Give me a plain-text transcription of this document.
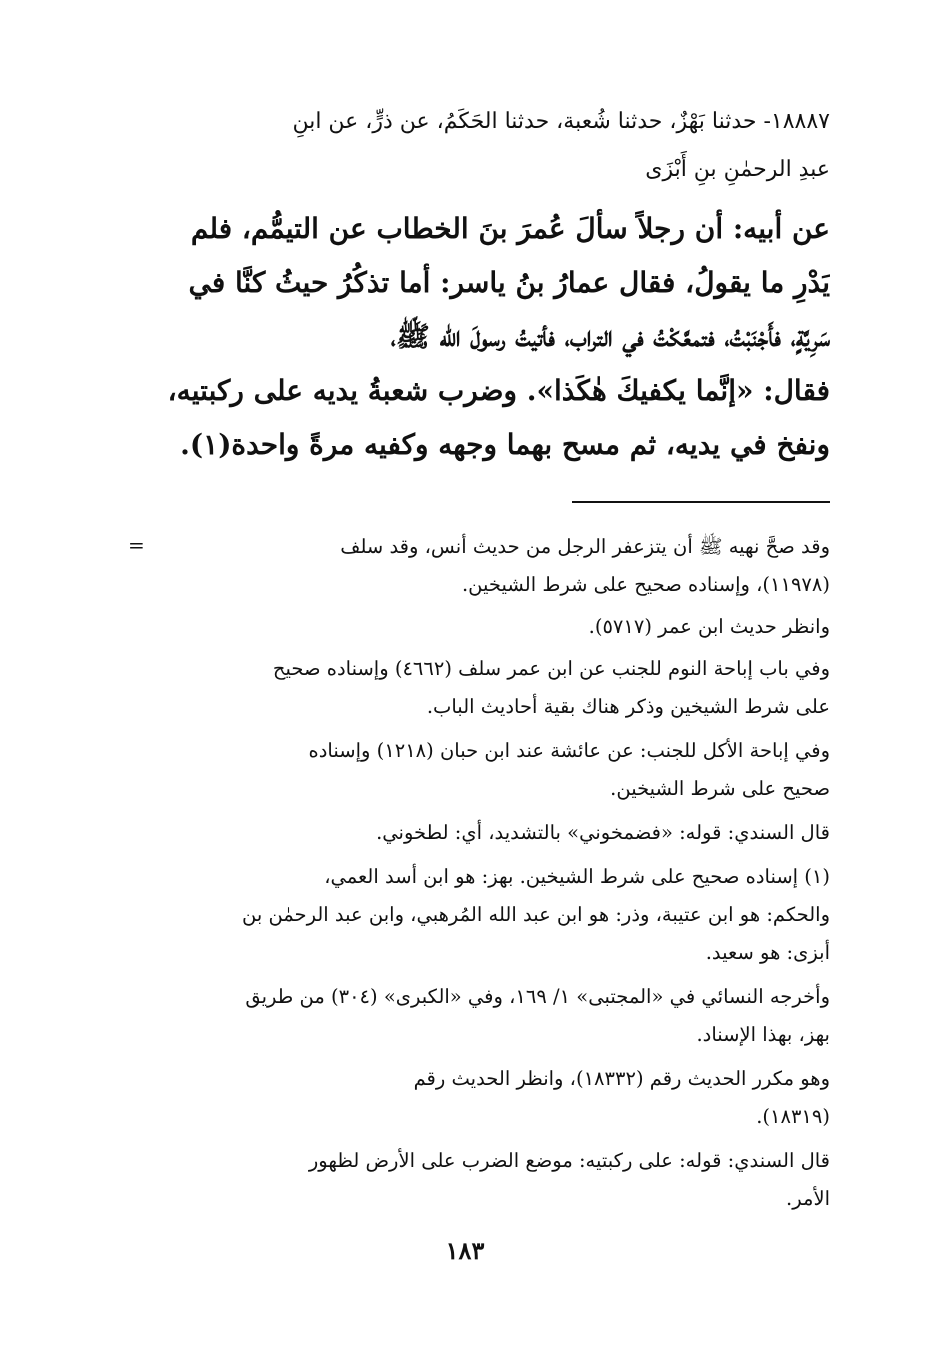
١٨٨٨٧- حدثنا بَهْزٌ، حدثنا شُعبة، حدثنا الحَكَمُ، عن ذرٍّ، عن ابنِ
عبدِ الرحمٰنِ بنِ أَبْزَى
عن أبيه: أن رجلاً سألَ عُمرَ بنَ الخطاب عن التيمُّم، فلم
يَدْرِ ما يقولُ، فقال عمارُ بنُ ياسر: أما تذكُرُ حيثُ كنَّا في
سَرِيَّةٍ، فأَجْنَبْتُ، فتمعَّكْتُ في التراب، فأتيتُ رسولَ الله ﷺ،
فقال: «إنَّما يكفيكَ هٰكَذا». وضرب شعبةُ يديه على ركبتيه،
ونفخ في يديه، ثم مسح بهما وجهه وكفيه مرةً واحدة(١).
=	وقد صحَّ نهيه ﷺ أن يتزعفر الرجل من حديث أنس، وقد سلف
(١١٩٧٨)، وإسناده صحيح على شرط الشيخين.
وانظر حديث ابن عمر (٥٧١٧).
وفي باب إباحة النوم للجنب عن ابن عمر سلف (٤٦٦٢) وإسناده صحيح
على شرط الشيخين وذكر هناك بقية أحاديث الباب.
وفي إباحة الأكل للجنب: عن عائشة عند ابن حبان (١٢١٨) وإسناده
صحيح على شرط الشيخين.
قال السندي: قوله: «فضمخوني» بالتشديد، أي: لطخوني.
(١) إسناده صحيح على شرط الشيخين. بهز: هو ابن أسد العمي،
والحكم: هو ابن عتيبة، وذر: هو ابن عبد الله المُرهبي، وابن عبد الرحمٰن بن
أبزى: هو سعيد.
وأخرجه النسائي في «المجتبى» ١/ ١٦٩، وفي «الكبرى» (٣٠٤) من طريق
بهز، بهذا الإسناد.
وهو مكرر الحديث رقم (١٨٣٣٢)، وانظر الحديث رقم
(١٨٣١٩).
قال السندي: قوله: على ركبتيه: موضع الضرب على الأرض لظهور
الأمر.
١٨٣
